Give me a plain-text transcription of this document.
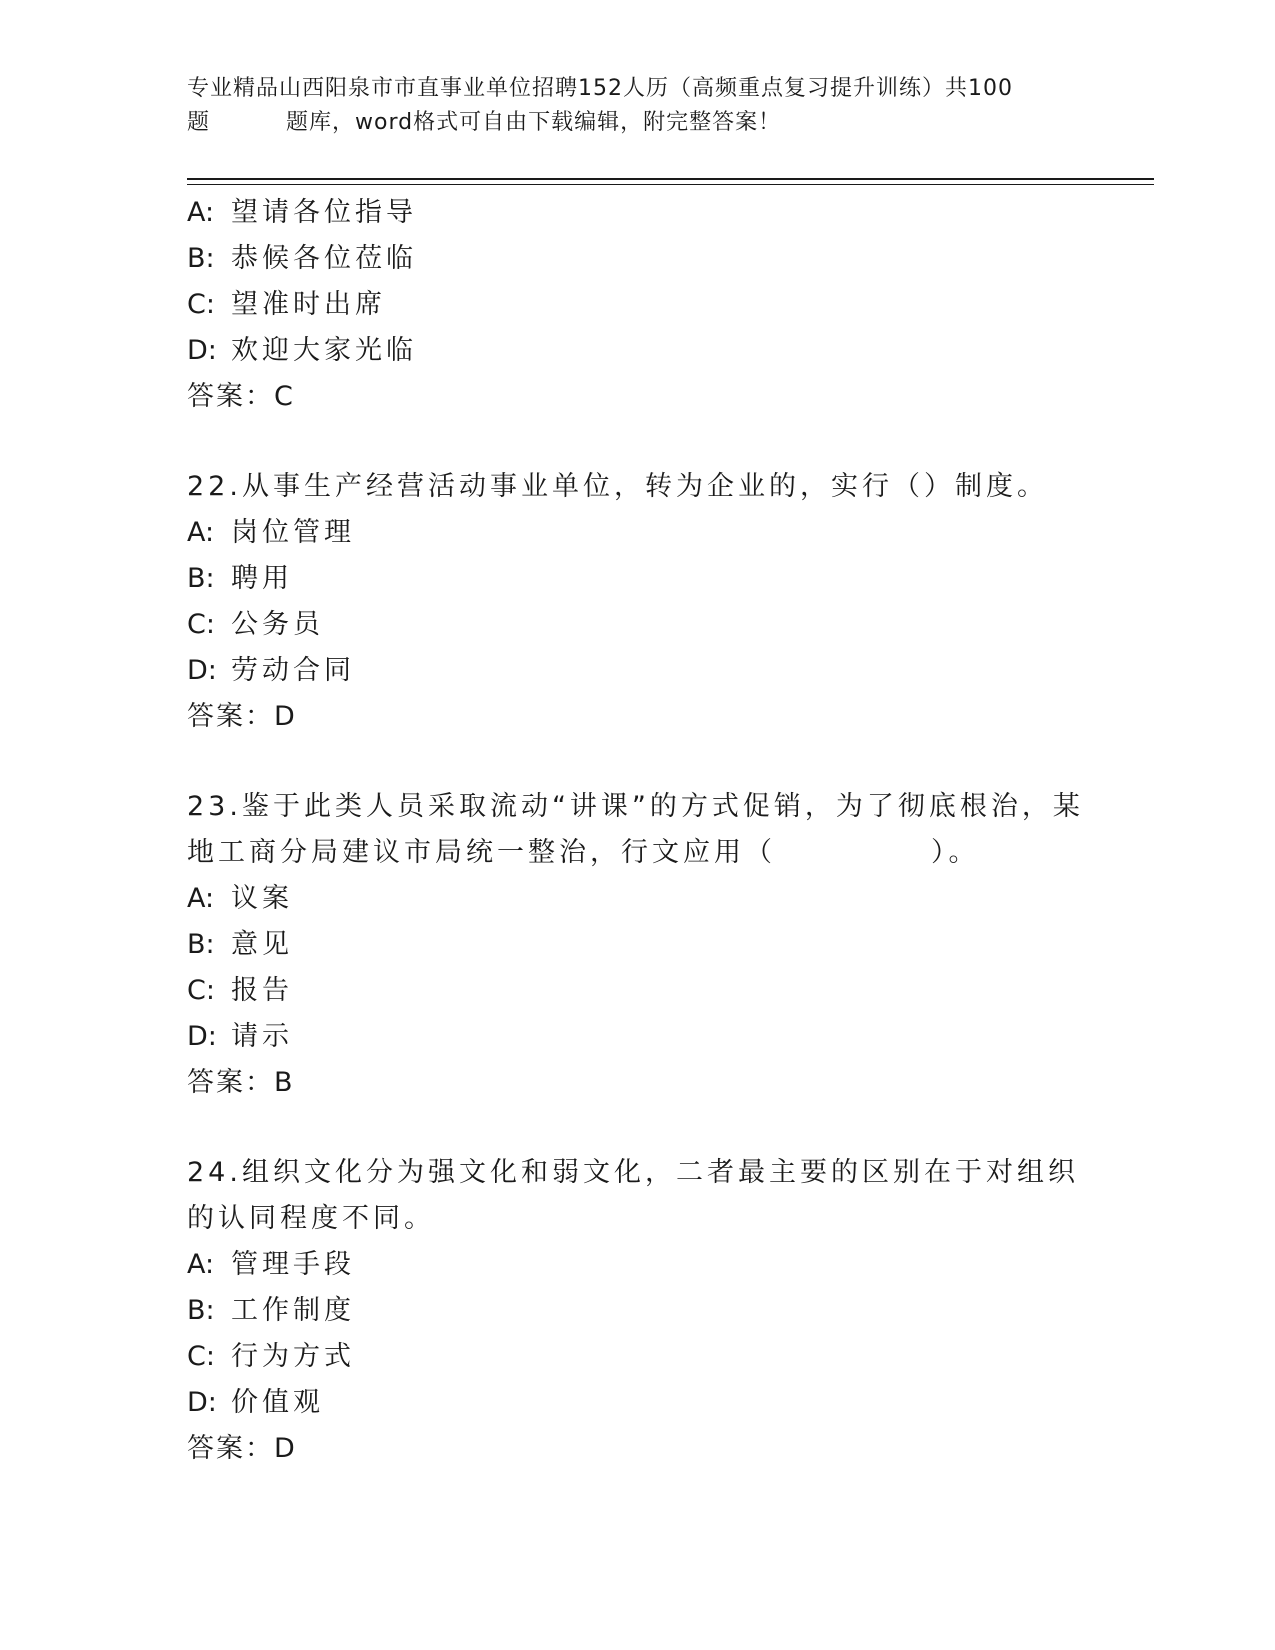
专业精品山西阳泉市市直事业单位招聘152人历（高频重点复习提升训练）共100
题	题库，word格式可自由下载编辑，附完整答案！
A: 望请各位指导
B: 恭候各位莅临
C: 望准时出席
D: 欢迎大家光临
答案：C
22.从事生产经营活动事业单位，转为企业的，实行（）制度。
A: 岗位管理
B: 聘用
C: 公务员
D: 劳动合同
答案：D
23.鉴于此类人员采取流动“讲课”的方式促销，为了彻底根治，某地工商分局建议市局统一整治，行文应用（　　　　　）。
A: 议案
B: 意见
C: 报告
D: 请示
答案：B
24.组织文化分为强文化和弱文化，二者最主要的区别在于对组织的认同程度不同。
A: 管理手段
B: 工作制度
C: 行为方式
D: 价值观
答案：D
